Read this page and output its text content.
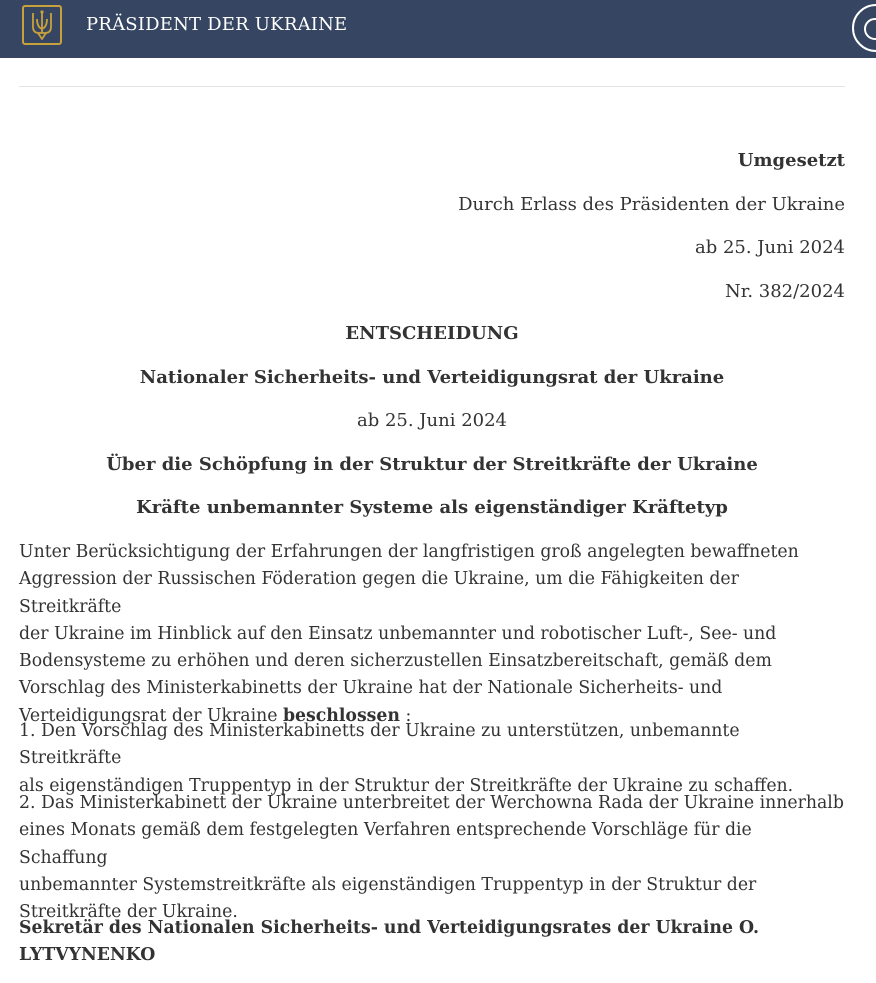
PRÄSIDENT DER UKRAINE
Umgesetzt
Durch Erlass des Präsidenten der Ukraine
ab 25. Juni 2024
Nr. 382/2024
ENTSCHEIDUNG
Nationaler Sicherheits- und Verteidigungsrat der Ukraine
ab 25. Juni 2024
Über die Schöpfung in der Struktur der Streitkräfte der Ukraine
Kräfte unbemannter Systeme als eigenständiger Kräftetyp
Unter Berücksichtigung der Erfahrungen der langfristigen groß angelegten bewaffneten
Aggression der Russischen Föderation gegen die Ukraine, um die Fähigkeiten der Streitkräfte
der Ukraine im Hinblick auf den Einsatz unbemannter und robotischer Luft-, See- und
Bodensysteme zu erhöhen und deren sicherzustellen Einsatzbereitschaft, gemäß dem
Vorschlag des Ministerkabinetts der Ukraine hat der Nationale Sicherheits- und
Verteidigungsrat der Ukraine beschlossen :
1. Den Vorschlag des Ministerkabinetts der Ukraine zu unterstützen, unbemannte Streitkräfte
als eigenständigen Truppentyp in der Struktur der Streitkräfte der Ukraine zu schaffen.
2. Das Ministerkabinett der Ukraine unterbreitet der Werchowna Rada der Ukraine innerhalb
eines Monats gemäß dem festgelegten Verfahren entsprechende Vorschläge für die Schaffung
unbemannter Systemstreitkräfte als eigenständigen Truppentyp in der Struktur der
Streitkräfte der Ukraine.
Sekretär des Nationalen Sicherheits- und Verteidigungsrates der Ukraine O.
LYTVYNENKO
